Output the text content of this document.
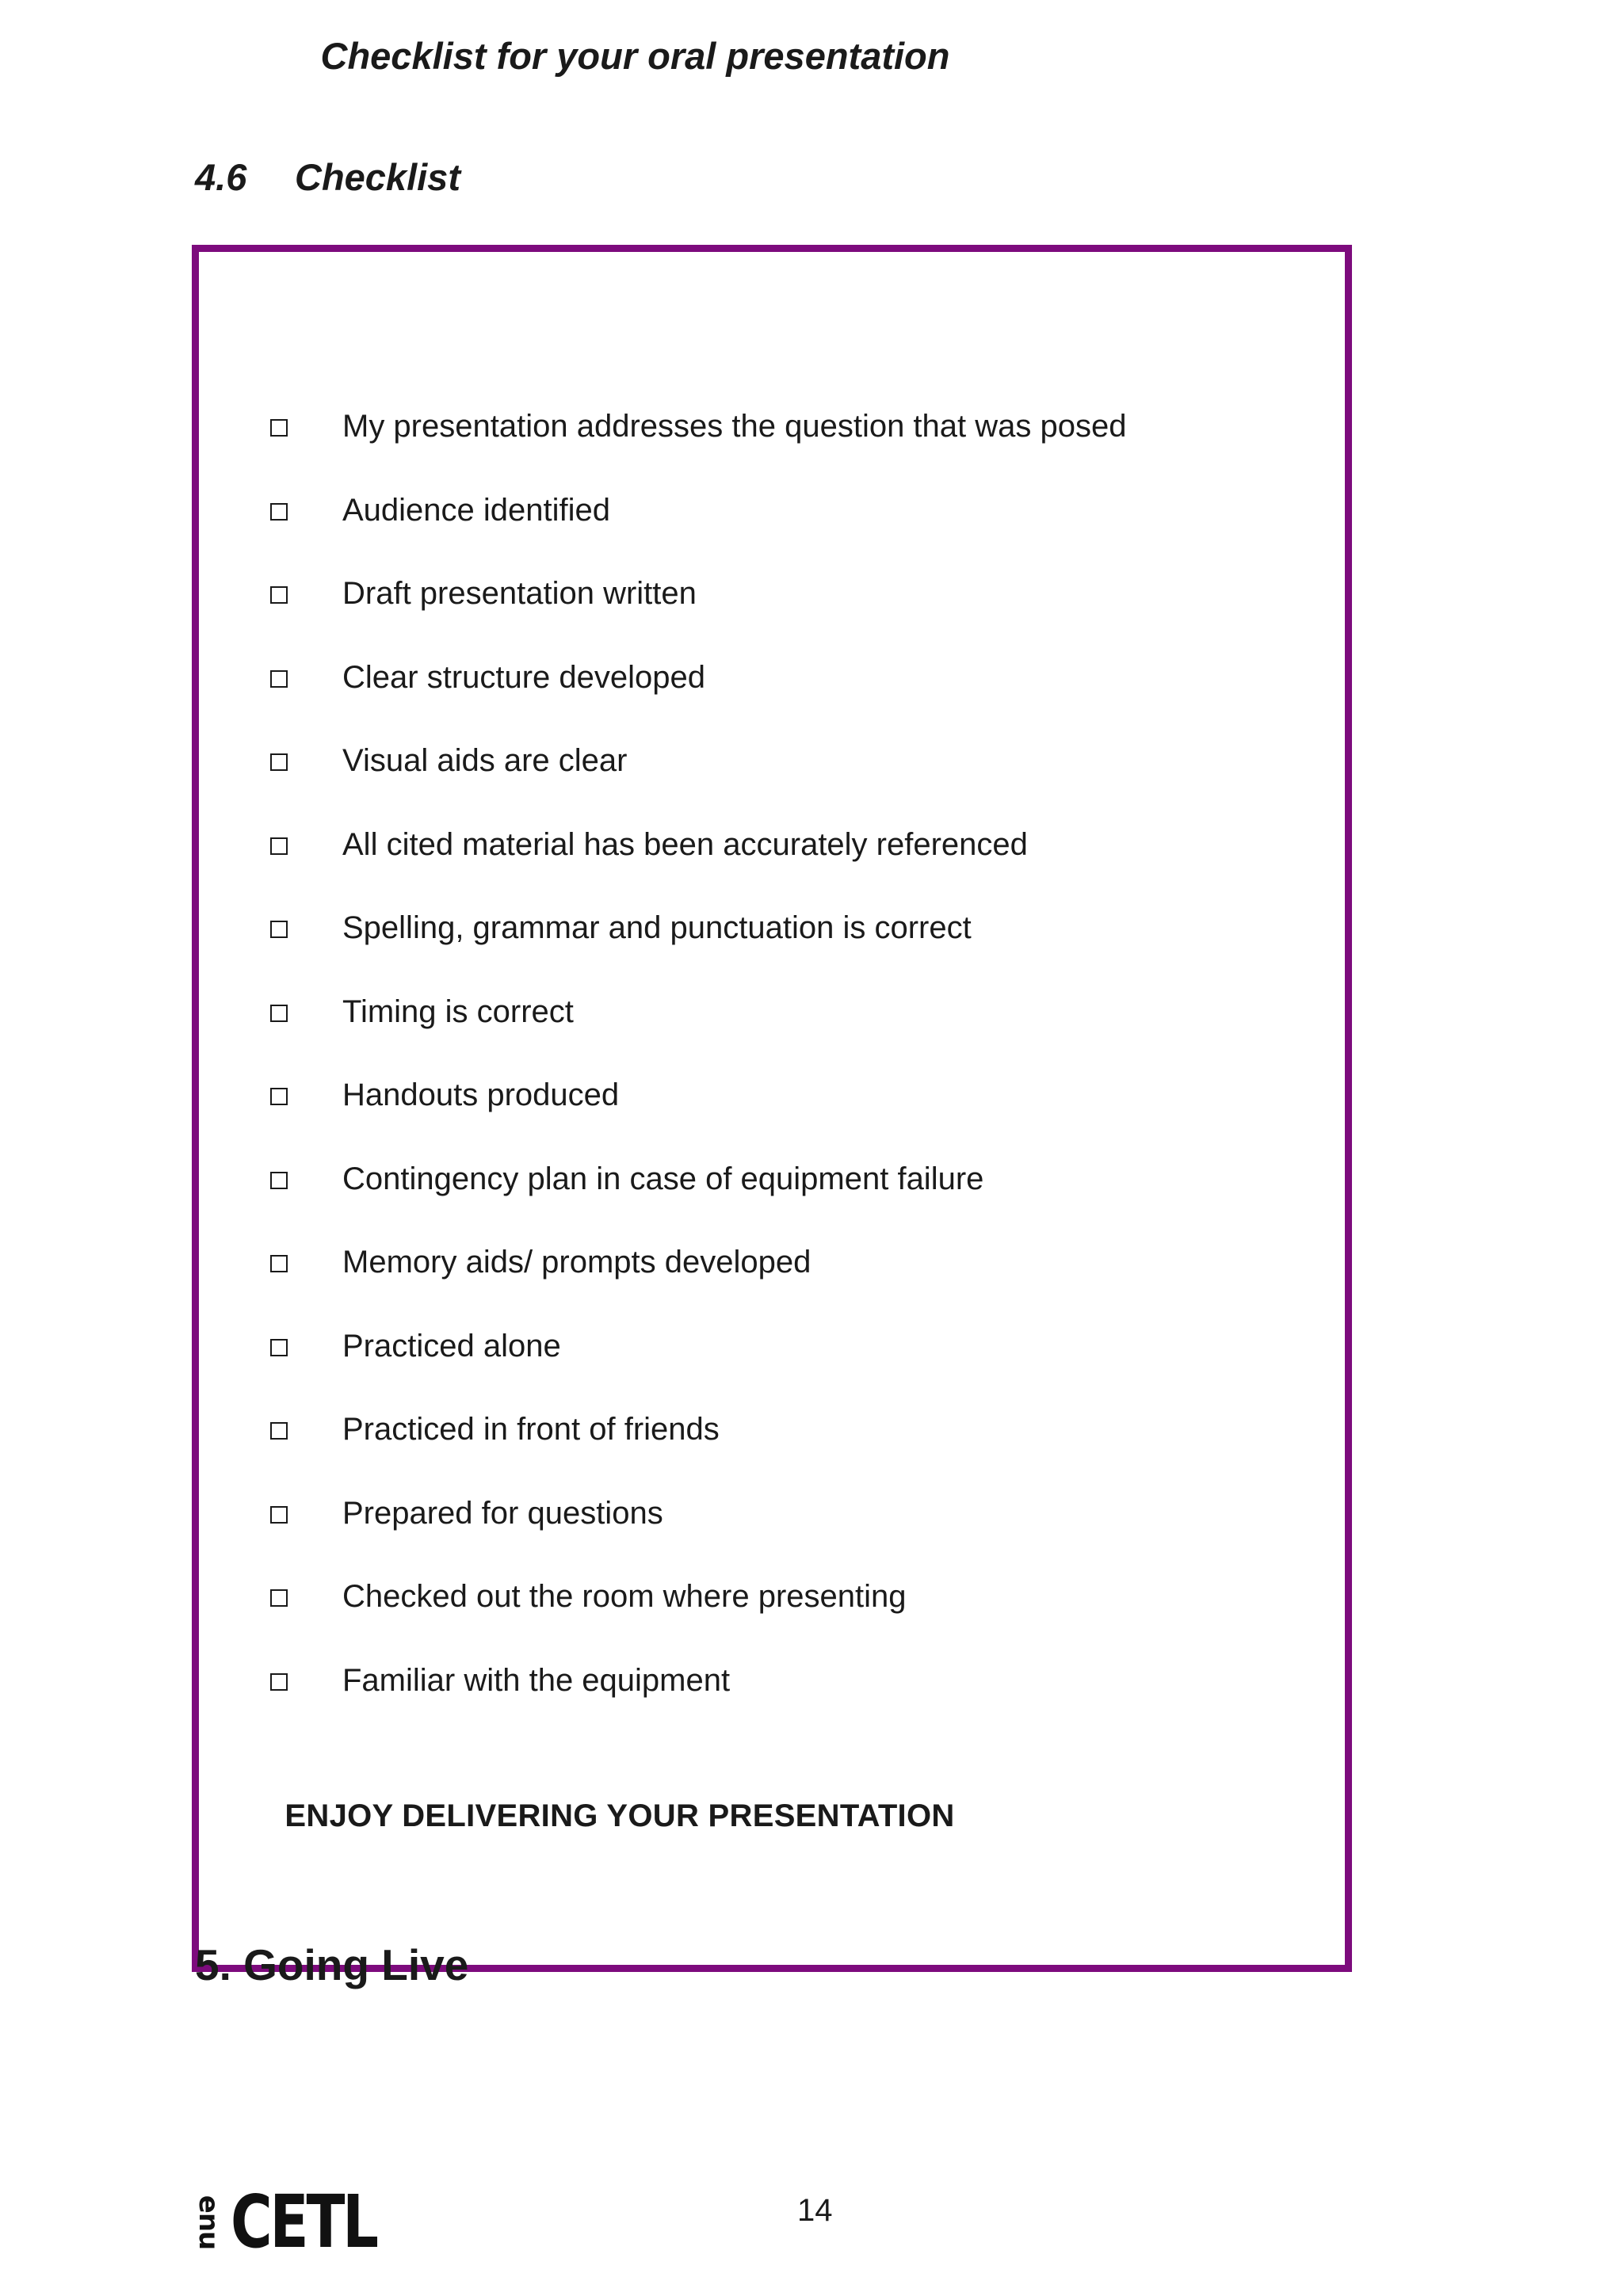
4.6 Checklist
Checklist for your oral presentation
My presentation addresses the question that was posed
Audience identified
Draft presentation written
Clear structure developed
Visual aids are clear
All cited material has been accurately referenced
Spelling, grammar and punctuation is correct
Timing is correct
Handouts produced
Contingency plan in case of equipment failure
Memory aids/ prompts developed
Practiced alone
Practiced in front of friends
Prepared for questions
Checked out the room where presenting
Familiar with the equipment
ENJOY DELIVERING YOUR PRESENTATION
5. Going Live
enu CETL	14
